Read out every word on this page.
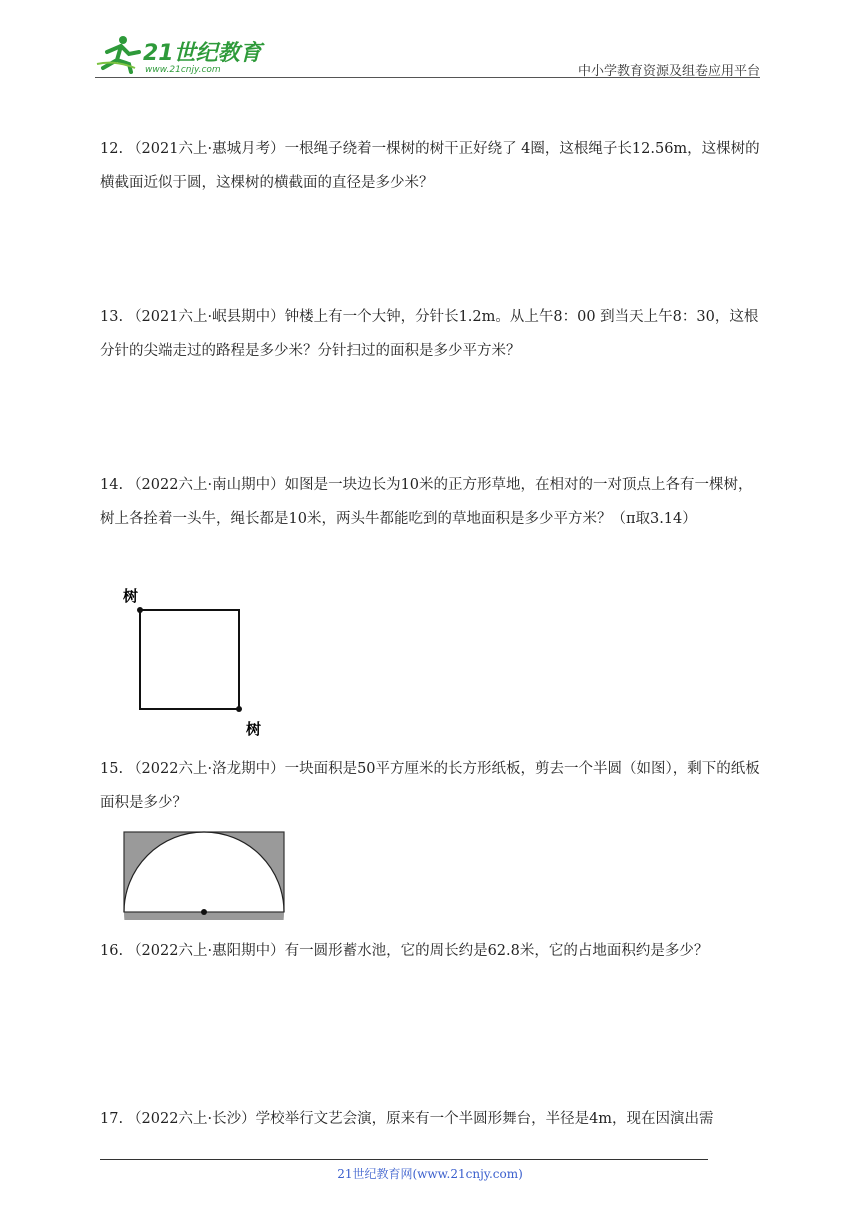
21世纪教育
www.21cnjy.com	中小学教育资源及组卷应用平台
12. （2021六上·惠城月考）一根绳子绕着一棵树的树干正好绕了 4圈，这根绳子长12.56m，这棵树的横截面近似于圆，这棵树的横截面的直径是多少米？
13. （2021六上·岷县期中）钟楼上有一个大钟，分针长1.2m。从上午8：00 到当天上午8：30，这根分针的尖端走过的路程是多少米？分针扫过的面积是多少平方米？
14. （2022六上·南山期中）如图是一块边长为10米的正方形草地，在相对的一对顶点上各有一棵树，树上各拴着一头牛，绳长都是10米，两头牛都能吃到的草地面积是多少平方米？（π取3.14）
树
树
15. （2022六上·洛龙期中）一块面积是50平方厘米的长方形纸板，剪去一个半圆（如图），剩下的纸板面积是多少？
16. （2022六上·惠阳期中）有一圆形蓄水池，它的周长约是62.8米，它的占地面积约是多少？
17. （2022六上·长沙）学校举行文艺会演，原来有一个半圆形舞台，半径是4m，现在因演出需
21世纪教育网(www.21cnjy.com)
